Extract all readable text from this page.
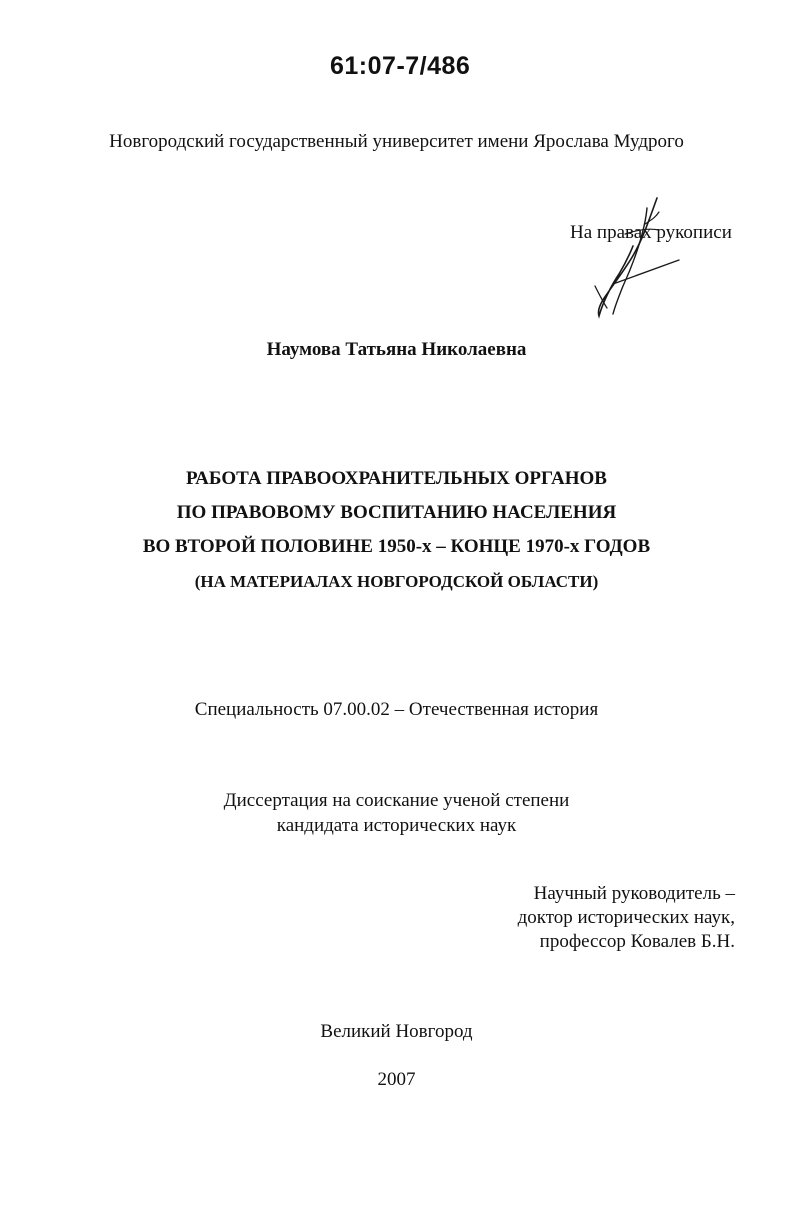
61:07-7/486
Новгородский государственный университет имени Ярослава Мудрого
На правах рукописи
Наумова Татьяна Николаевна
РАБОТА ПРАВООХРАНИТЕЛЬНЫХ ОРГАНОВ
ПО ПРАВОВОМУ ВОСПИТАНИЮ НАСЕЛЕНИЯ
ВО ВТОРОЙ ПОЛОВИНЕ 1950-х – КОНЦЕ 1970-х ГОДОВ
(НА МАТЕРИАЛАХ НОВГОРОДСКОЙ ОБЛАСТИ)
Специальность 07.00.02 – Отечественная история
Диссертация на соискание ученой степени
кандидата исторических наук
Научный руководитель –
доктор исторических наук,
профессор Ковалев Б.Н.
Великий Новгород
2007
